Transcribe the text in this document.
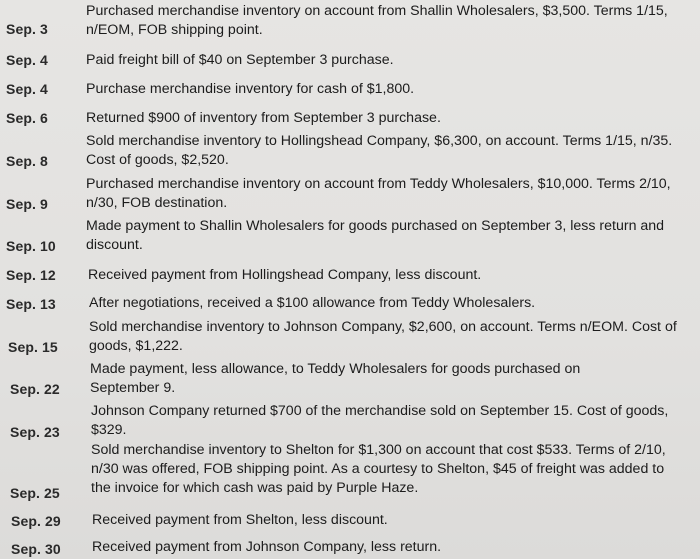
Sep. 3
Purchased merchandise inventory on account from Shallin Wholesalers, $3,500. Terms 1/15, n/EOM, FOB shipping point.
Sep. 4	Paid freight bill of $40 on September 3 purchase.
Sep. 4	Purchase merchandise inventory for cash of $1,800.
Sep. 6	Returned $900 of inventory from September 3 purchase.
Sep. 8
Sold merchandise inventory to Hollingshead Company, $6,300, on account. Terms 1/15, n/35. Cost of goods, $2,520.
Sep. 9
Purchased merchandise inventory on account from Teddy Wholesalers, $10,000. Terms 2/10, n/30, FOB destination.
Sep. 10
Made payment to Shallin Wholesalers for goods purchased on September 3, less return and discount.
Sep. 12 Received payment from Hollingshead Company, less discount.
Sep. 13 After negotiations, received a $100 allowance from Teddy Wholesalers.
Sep. 15
Sold merchandise inventory to Johnson Company, $2,600, on account. Terms n/EOM. Cost of goods, $1,222.
Sep. 22
Made payment, less allowance, to Teddy Wholesalers for goods purchased on September 9.
Sep. 23
Johnson Company returned $700 of the merchandise sold on September 15. Cost of goods, $329.
Sep. 25
Sold merchandise inventory to Shelton for $1,300 on account that cost $533. Terms of 2/10, n/30 was offered, FOB shipping point. As a courtesy to Shelton, $45 of freight was added to the invoice for which cash was paid by Purple Haze.
Sep. 29 Received payment from Shelton, less discount.
Sep. 30 Received payment from Johnson Company, less return.
